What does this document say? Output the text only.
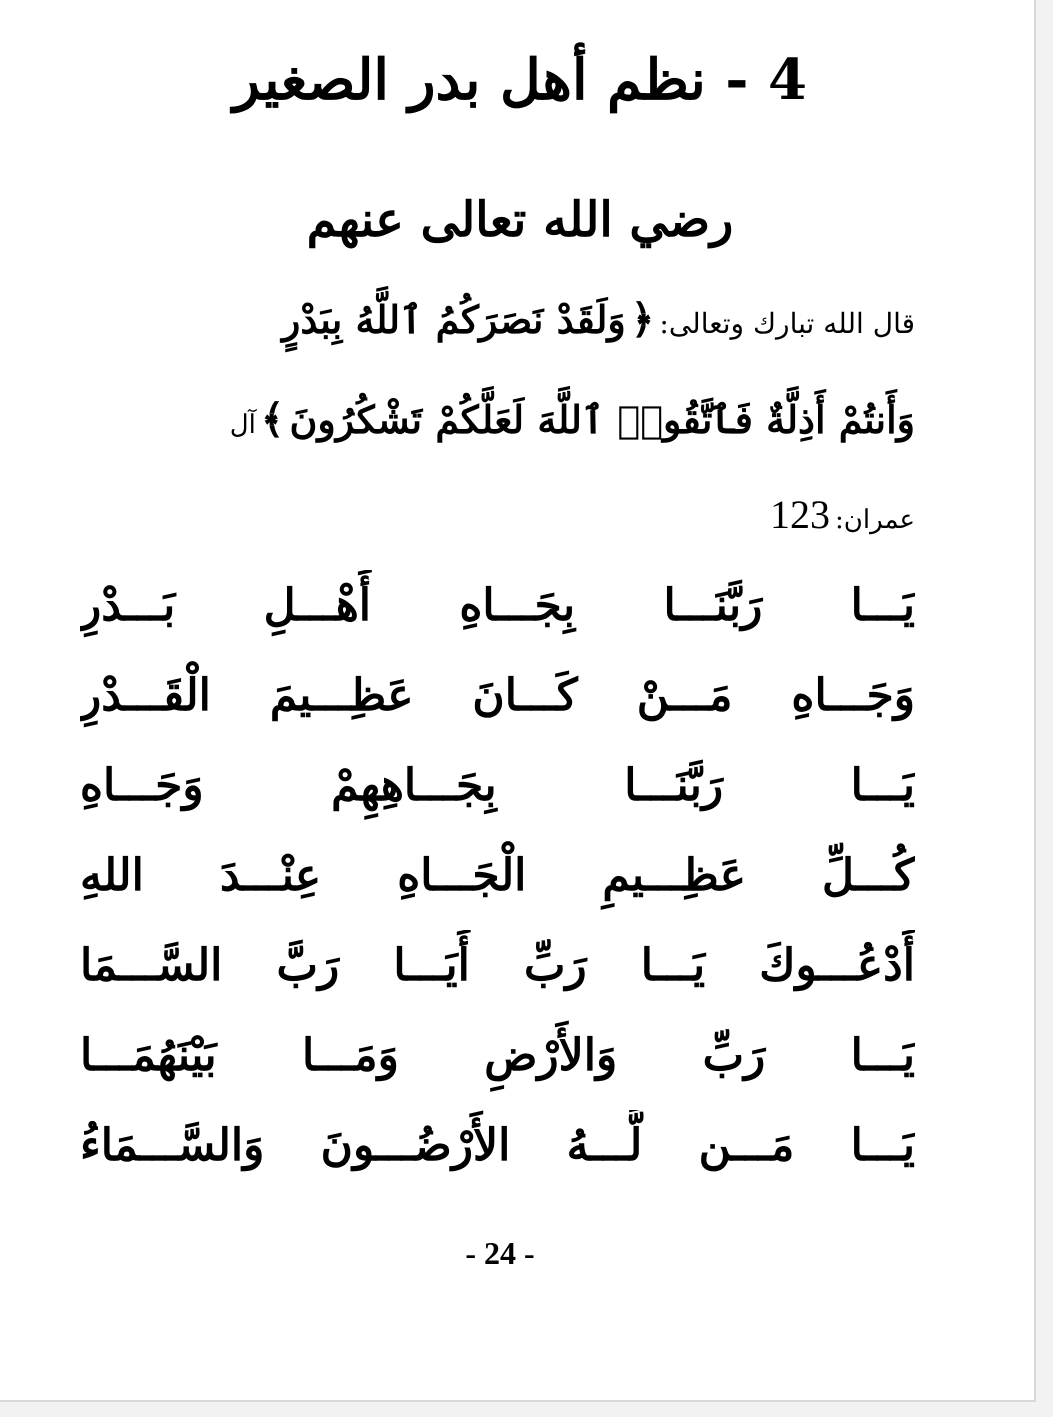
4 - نظم أهل بدر الصغير
رضي الله تعالى عنهم
قال الله تبارك وتعالى: ﴿ وَلَقَدْ نَصَرَكُمُ ٱللَّهُ بِبَدْرٍ
وَأَنتُمْ أَذِلَّةٌ فَٱتَّقُوا۟ ٱللَّهَ لَعَلَّكُمْ تَشْكُرُونَ ﴾ آل
عمران: 123
يَـــا رَبَّنَـــا بِجَـــاهِ أَهْـــلِ بَـــدْرِ
وَجَـــاهِ مَـــنْ كَـــانَ عَظِـــيمَ الْقَـــدْرِ
يَـــا رَبَّنَـــا بِجَـــاهِهِمْ وَجَـــاهِ
كُـــلِّ عَظِـــيمِ الْجَـــاهِ عِنْـــدَ اللهِ
أَدْعُـــوكَ يَـــا رَبِّ أَيَـــا رَبَّ السَّـــمَا
يَـــا رَبِّ وَالأَرْضِ وَمَـــا بَيْنَهُمَـــا
يَـــا مَـــن لَّـــهُ الأَرْضُـــونَ وَالسَّـــمَاءُ
- 24 -
